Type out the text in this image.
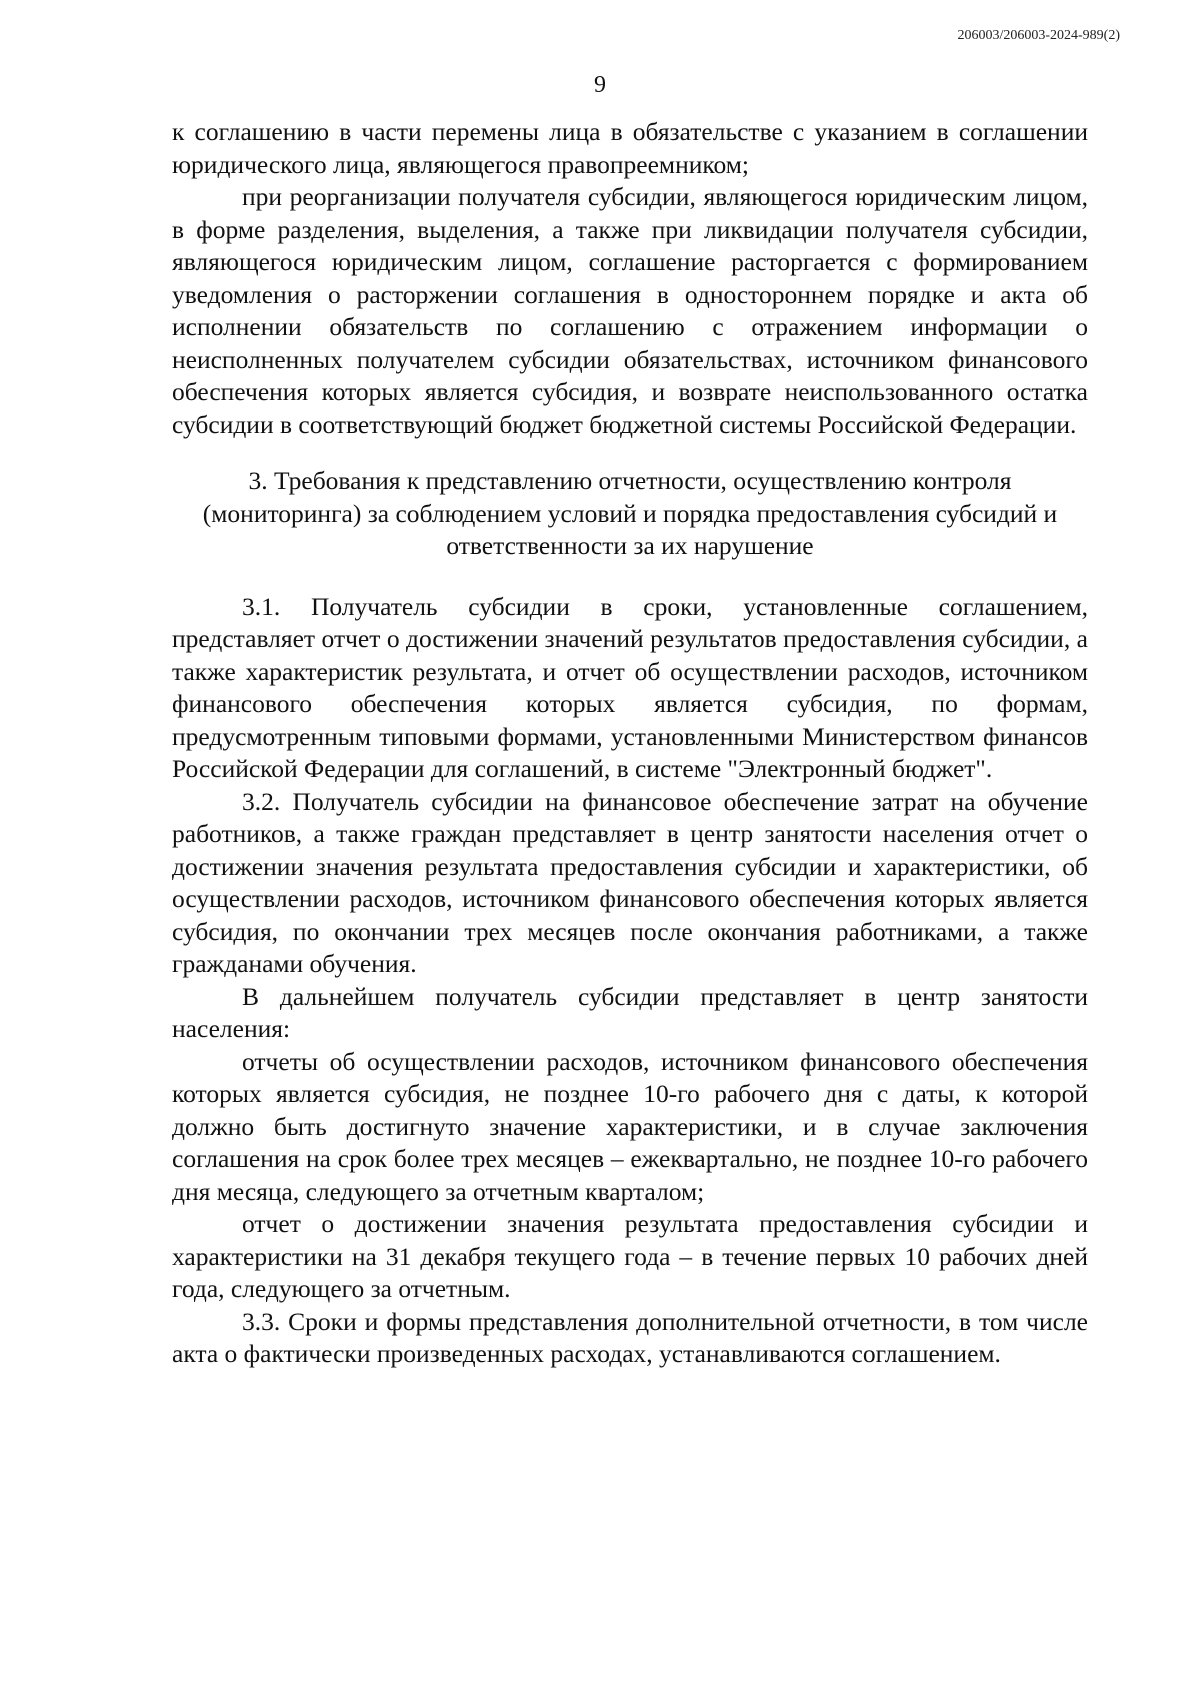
206003/206003-2024-989(2)
9

к соглашению в части перемены лица в обязательстве с указанием в соглашении юридического лица, являющегося правопреемником;

при реорганизации получателя субсидии, являющегося юридическим лицом, в форме разделения, выделения, а также при ликвидации получателя субсидии, являющегося юридическим лицом, соглашение расторгается с формированием уведомления о расторжении соглашения в одностороннем порядке и акта об исполнении обязательств по соглашению с отражением информации о неисполненных получателем субсидии обязательствах, источником финансового обеспечения которых является субсидия, и возврате неиспользованного остатка субсидии в соответствующий бюджет бюджетной системы Российской Федерации.

3. Требования к представлению отчетности, осуществлению контроля (мониторинга) за соблюдением условий и порядка предоставления субсидий и ответственности за их нарушение

3.1. Получатель субсидии в сроки, установленные соглашением, представляет отчет о достижении значений результатов предоставления субсидии, а также характеристик результата, и отчет об осуществлении расходов, источником финансового обеспечения которых является субсидия, по формам, предусмотренным типовыми формами, установленными Министерством финансов Российской Федерации для соглашений, в системе "Электронный бюджет".

3.2. Получатель субсидии на финансовое обеспечение затрат на обучение работников, а также граждан представляет в центр занятости населения отчет о достижении значения результата предоставления субсидии и характеристики, об осуществлении расходов, источником финансового обеспечения которых является субсидия, по окончании трех месяцев после окончания работниками, а также гражданами обучения.

В дальнейшем получатель субсидии представляет в центр занятости населения:

отчеты об осуществлении расходов, источником финансового обеспечения которых является субсидия, не позднее 10-го рабочего дня с даты, к которой должно быть достигнуто значение характеристики, и в случае заключения соглашения на срок более трех месяцев – ежеквартально, не позднее 10-го рабочего дня месяца, следующего за отчетным кварталом;

отчет о достижении значения результата предоставления субсидии и характеристики на 31 декабря текущего года – в течение первых 10 рабочих дней года, следующего за отчетным.

3.3. Сроки и формы представления дополнительной отчетности, в том числе акта о фактически произведенных расходах, устанавливаются соглашением.
